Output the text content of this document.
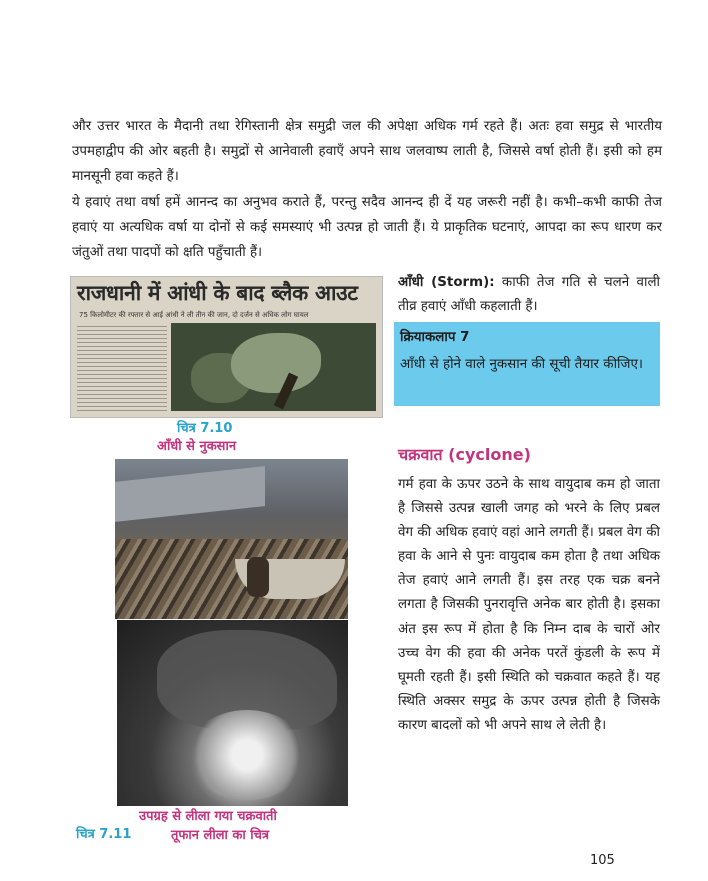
और उत्तर भारत के मैदानी तथा रेगिस्तानी क्षेत्र समुद्री जल की अपेक्षा अधिक गर्म रहते हैं। अतः हवा समुद्र से भारतीय उपमहाद्वीप की ओर बहती है। समुद्रों से आनेवाली हवाएँ अपने साथ जलवाष्प लाती है, जिससे वर्षा होती हैं। इसी को हम मानसूनी हवा कहते हैं।
ये हवाएं तथा वर्षा हमें आनन्द का अनुभव कराते हैं, परन्तु सदैव आनन्द ही दें यह जरूरी नहीं है। कभी–कभी काफी तेज हवाएं या अत्यधिक वर्षा या दोनों से कई समस्याएं भी उत्पन्न हो जाती हैं। ये प्राकृतिक घटनाएं, आपदा का रूप धारण कर जंतुओं तथा पादपों को क्षति पहुँचाती हैं।
राजधानी में आंधी के बाद ब्लैक आउट
75 किलोमीटर की रफ्तार से आई आंधी ने ली तीन की जान, दो दर्जन से अधिक लोग घायल
चित्र 7.10
आँधी से नुकसान
उपग्रह से लीला गया चक्रवाती
चित्र 7.11	तूफान लीला का चित्र
आँधी (Storm): काफी तेज गति से चलने वाली तीव्र हवाएं आँधी कहलाती हैं।
क्रियाकलाप 7
आँधी से होने वाले नुकसान की सूची तैयार कीजिए।
चक्रवात (cyclone)
गर्म हवा के ऊपर उठने के साथ वायुदाब कम हो जाता है जिससे उत्पन्न खाली जगह को भरने के लिए प्रबल वेग की अधिक हवाएं वहां आने लगती हैं। प्रबल वेग की हवा के आने से पुनः वायुदाब कम होता है तथा अधिक तेज हवाएं आने लगती हैं। इस तरह एक चक्र बनने लगता है जिसकी पुनरावृत्ति अनेक बार होती है। इसका अंत इस रूप में होता है कि निम्न दाब के चारों ओर उच्च वेग की हवा की अनेक परतें कुंडली के रूप में घूमती रहती हैं। इसी स्थिति को चक्रवात कहते हैं। यह स्थिति अक्सर समुद्र के ऊपर उत्पन्न होती है जिसके कारण बादलों को भी अपने साथ ले लेती है।
105
